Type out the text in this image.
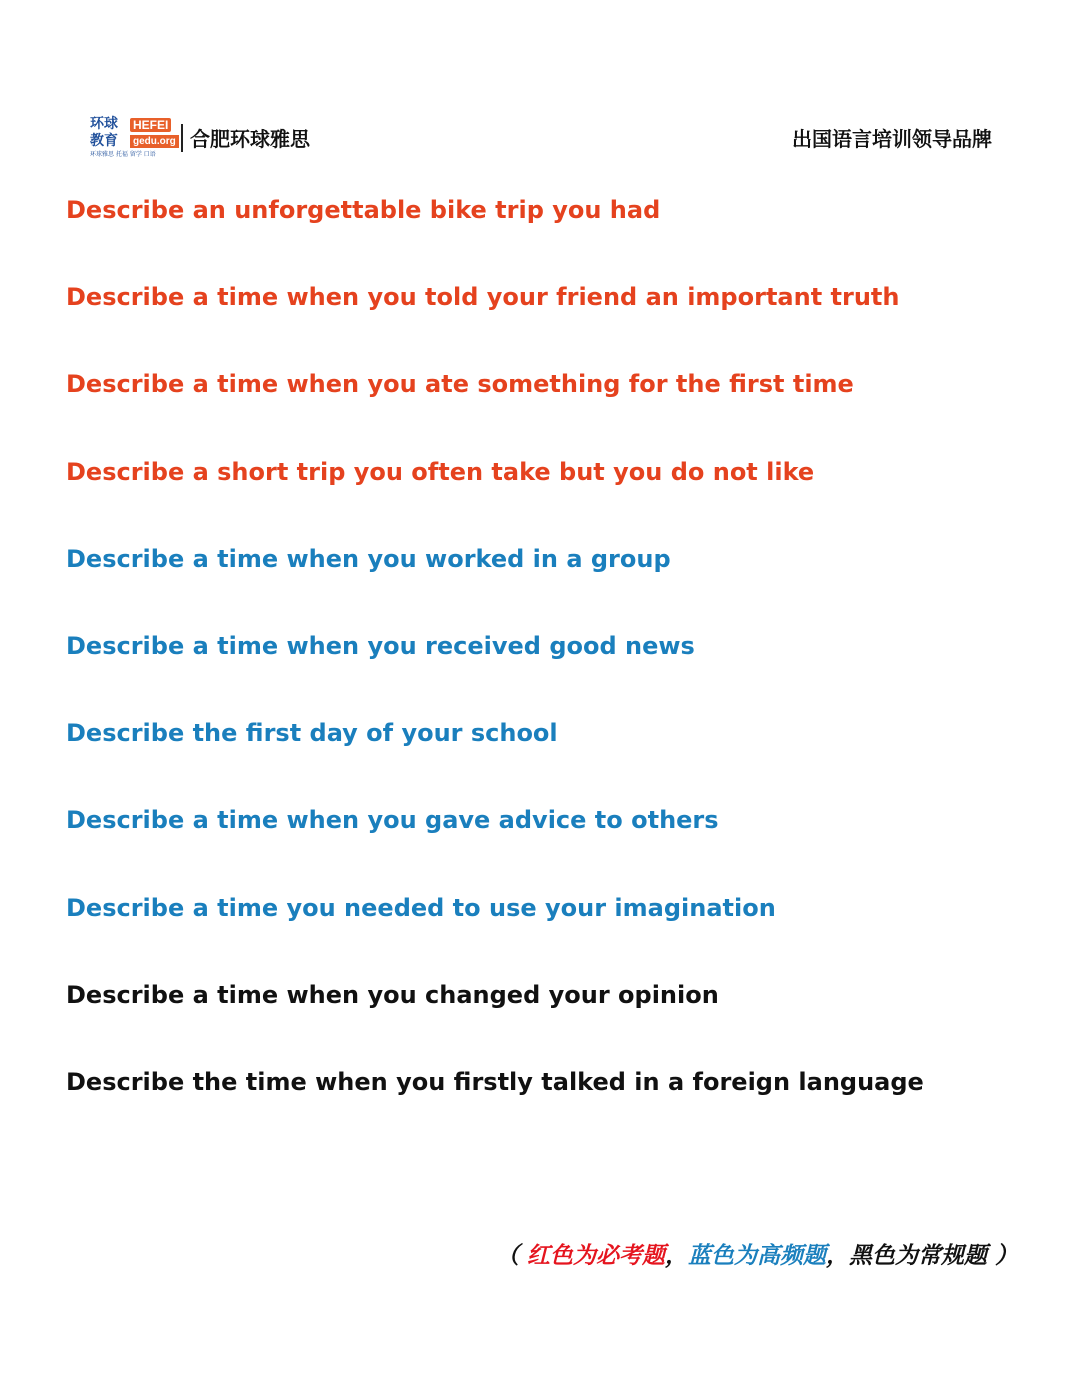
环球
教育
HEFEI
gedu.org
环球雅思 托福 留学 口语
合肥环球雅思	出国语言培训领导品牌
Describe an unforgettable bike trip you had
Describe a time when you told your friend an important truth
Describe a time when you ate something for the first time
Describe a short trip you often take but you do not like
Describe a time when you worked in a group
Describe a time when you received good news
Describe the first day of your school
Describe a time when you gave advice to others
Describe a time you needed to use your imagination
Describe a time when you changed your opinion
Describe the time when you firstly talked in a foreign language
（ 红色为必考题，蓝色为高频题，黑色为常规题 ）
